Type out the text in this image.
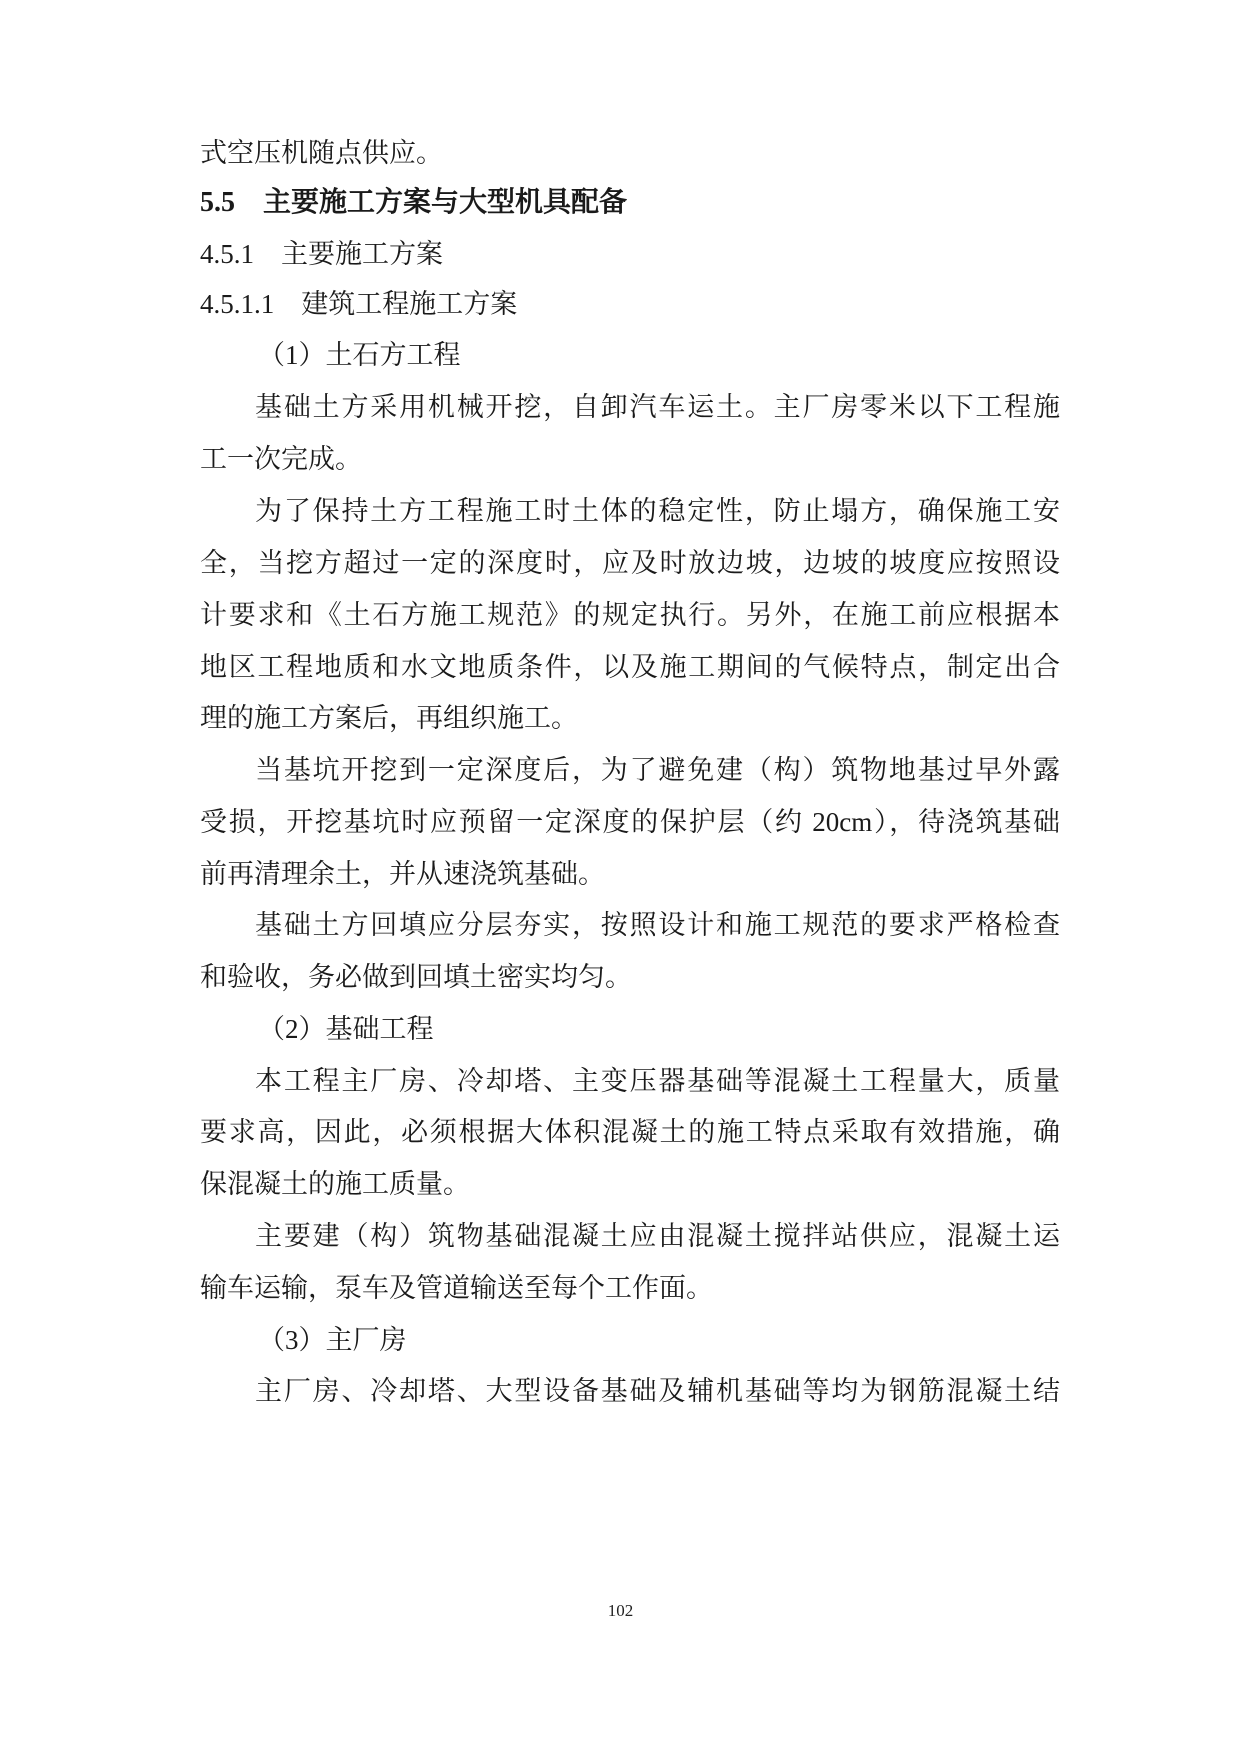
式空压机随点供应。
5.5　主要施工方案与大型机具配备
4.5.1　主要施工方案
4.5.1.1　建筑工程施工方案
（1）土石方工程
基础土方采用机械开挖，自卸汽车运土。主厂房零米以下工程施
工一次完成。
为了保持土方工程施工时土体的稳定性，防止塌方，确保施工安
全，当挖方超过一定的深度时，应及时放边坡，边坡的坡度应按照设
计要求和《土石方施工规范》的规定执行。另外，在施工前应根据本
地区工程地质和水文地质条件，以及施工期间的气候特点，制定出合
理的施工方案后，再组织施工。
当基坑开挖到一定深度后，为了避免建（构）筑物地基过早外露
受损，开挖基坑时应预留一定深度的保护层（约 20cm），待浇筑基础
前再清理余土，并从速浇筑基础。
基础土方回填应分层夯实，按照设计和施工规范的要求严格检查
和验收，务必做到回填土密实均匀。
（2）基础工程
本工程主厂房、冷却塔、主变压器基础等混凝土工程量大，质量
要求高，因此，必须根据大体积混凝土的施工特点采取有效措施，确
保混凝土的施工质量。
主要建（构）筑物基础混凝土应由混凝土搅拌站供应，混凝土运
输车运输，泵车及管道输送至每个工作面。
（3）主厂房
主厂房、冷却塔、大型设备基础及辅机基础等均为钢筋混凝土结
102
